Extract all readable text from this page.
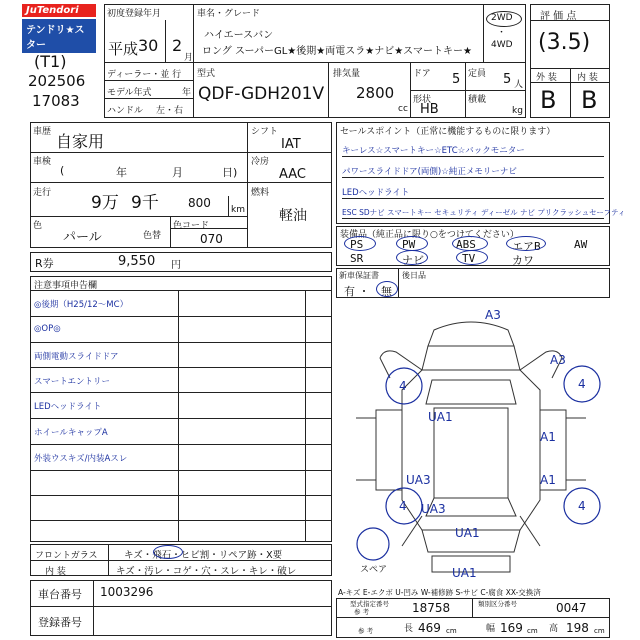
JuTendori
テンドリ★スター
(T1)
202506
17083
初度登録年月
平成 30 2
月
車名・グレード
ハイエースバン
ロング スーパーGL★後期★両電スラ★ナビ★スマートキー★
2WD
・
4WD
ディーラー・並 行
モデル年式	年
ハンドル 左・右
型式
QDF-GDH201V
排気量
2800
cc
ドア 5 定員 5 人
形状
HB
積載
kg
評 価 点
(3.5)
外 装 内 装
B B
車歴 自家用
車検
(	年	月	日)
走行 9万 9千 800 km
色
パール	色替
色コード
070
シフト
IAT
冷房
AAC
燃料
軽油
R券	9,550 円
セールスポイント（正常に機能するものに限ります）
キーレス☆スマートキー☆ETC☆バックモニター
パワースライドドア(両側)☆純正メモリーナビ
LEDヘッドライト
ESC SDナビ スマートキー セキュリティ ディーゼル ナビ プリクラッシュセーフティ
装備品（純正品に限り○をつけてください）
PS	PW	ABS	エアB	AW
SR	ナビ	TV	カワ
新車保証書
有 ・ 無
後日品
注意事項申告欄
◎後期（H25/12～MC）
◎OP◎
両側電動スライドドア
スマートエントリー
LEDヘッドライト
ホイールキャップA
外装ウスキズ/内装Aスレ
フロントガラス	キズ・飛石・ヒビ割・リペア跡・X要
内 装	キズ・汚レ・コゲ・穴・スレ・キレ・破レ
車台番号 1003296
登録番号
A3
A3
4	4
UA1
A1
A1
UA3
4 UA3	4
UA1
UA1
スペア
A-キズ E-エクボ U-凹み W-補修跡 S-サビ C-腐食 XX-交換済
型式指定番号
参 考	18758	類別区分番号	0047
参 考	長 469 cm	幅 169 cm 高 198 cm
